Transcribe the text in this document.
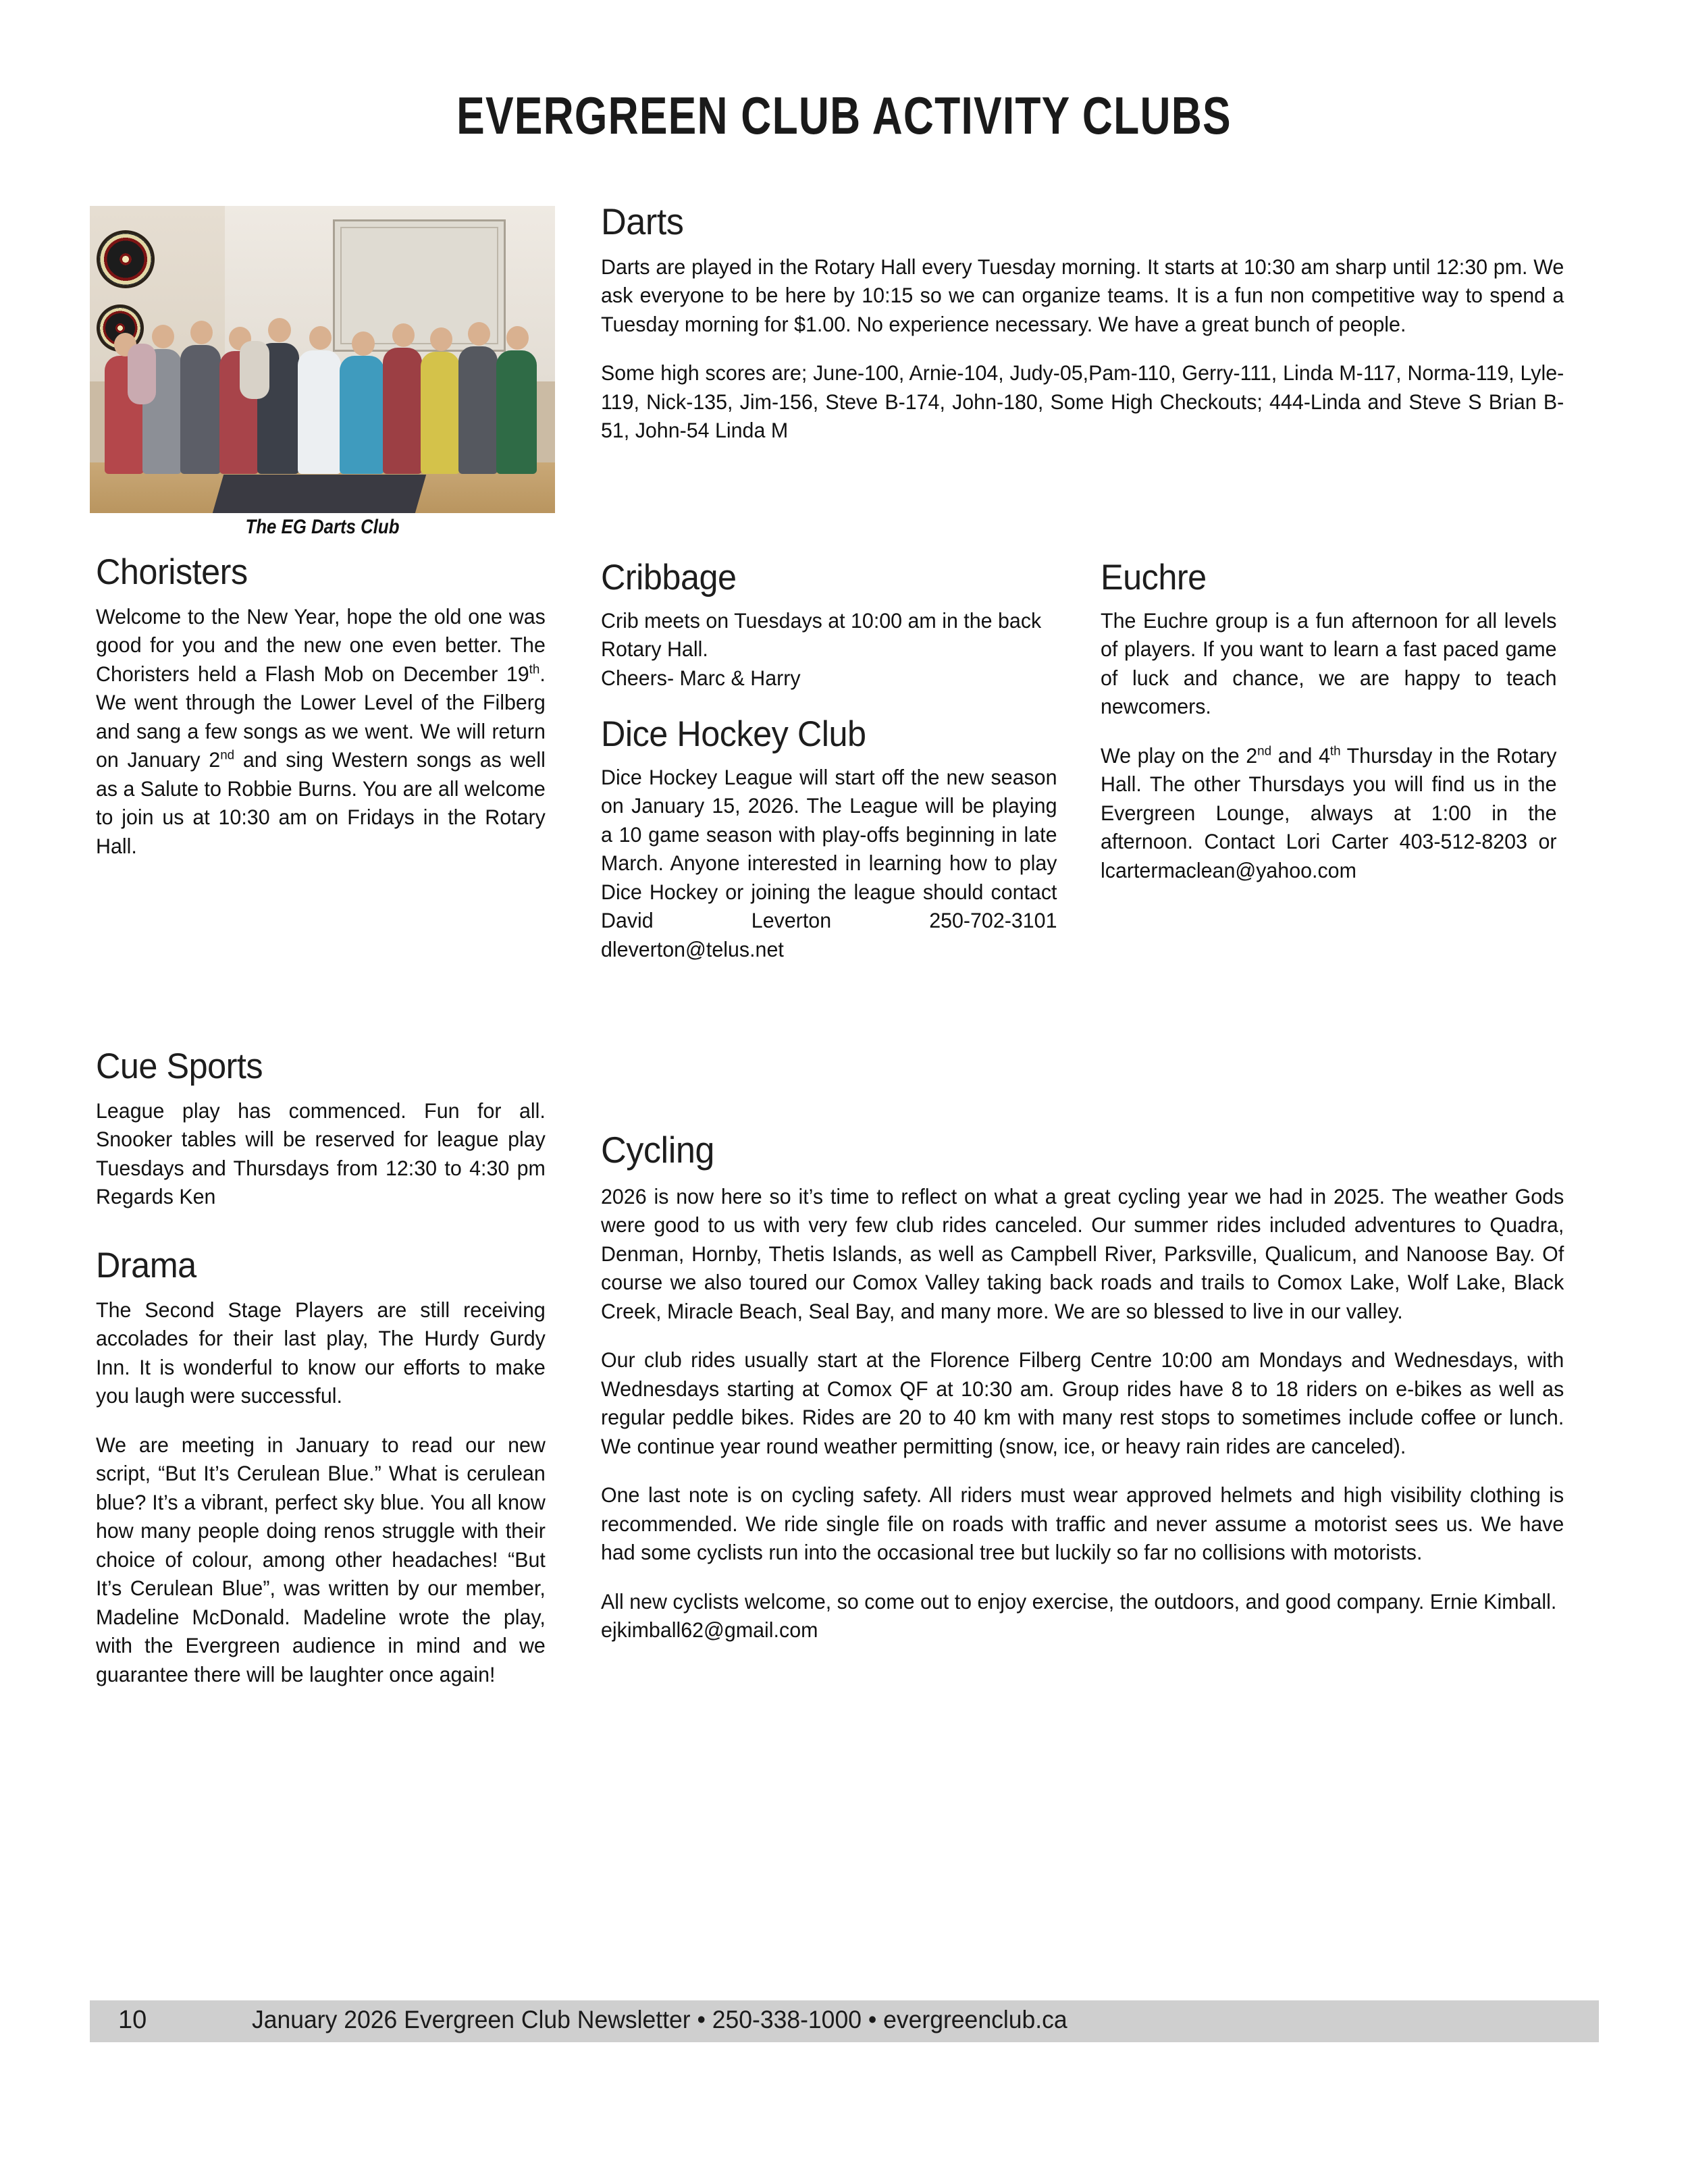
EVERGREEN CLUB ACTIVITY CLUBS
The EG Darts Club
Darts

Darts are played in the Rotary Hall every Tuesday morning. It starts at 10:30 am sharp until 12:30 pm. We ask everyone to be here by 10:15 so we can organize teams. It is a fun non competitive way to spend a Tuesday morning for $1.00. No experience necessary. We have a great bunch of people.

Some high scores are; June-100, Arnie-104, Judy-05,Pam-110, Gerry-111, Linda M-117, Norma-119, Lyle-119, Nick-135, Jim-156, Steve B-174, John-180, Some High Checkouts; 444-Linda and Steve S Brian B-51, John-54 Linda M

Choristers

Welcome to the New Year, hope the old one was good for you and the new one even better. The Choristers held a Flash Mob on December 19th. We went through the Lower Level of the Filberg and sang a few songs as we went. We will return on January 2nd and sing Western songs as well as a Salute to Robbie Burns. You are all welcome to join us at 10:30 am on Fridays in the Rotary Hall.

Cue Sports

League play has commenced. Fun for all. Snooker tables will be reserved for league play Tuesdays and Thursdays from 12:30 to 4:30 pm Regards Ken

Drama

The Second Stage Players are still receiving accolades for their last play, The Hurdy Gurdy Inn. It is wonderful to know our efforts to make you laugh were successful.

We are meeting in January to read our new script, “But It’s Cerulean Blue.” What is cerulean blue? It’s a vibrant, perfect sky blue. You all know how many people doing renos struggle with their choice of colour, among other headaches! “But It’s Cerulean Blue”, was written by our member, Madeline McDonald. Madeline wrote the play, with the Evergreen audience in mind and we guarantee there will be laughter once again!

Cribbage

Crib meets on Tuesdays at 10:00 am in the back Rotary Hall.

Cheers- Marc & Harry

Dice Hockey Club

Dice Hockey League will start off the new season on January 15, 2026. The League will be playing a 10 game season with play-offs beginning in late March. Anyone interested in learning how to play Dice Hockey or joining the league should contact David Leverton 250-702-3101 dleverton@telus.net

Euchre

The Euchre group is a fun afternoon for all levels of players. If you want to learn a fast paced game of luck and chance, we are happy to teach newcomers.

We play on the 2nd and 4th Thursday in the Rotary Hall. The other Thursdays you will find us in the Evergreen Lounge, always at 1:00 in the afternoon. Contact Lori Carter 403-512-8203 or lcartermaclean@yahoo.com

Cycling

2026 is now here so it’s time to reflect on what a great cycling year we had in 2025. The weather Gods were good to us with very few club rides canceled. Our summer rides included adventures to Quadra, Denman, Hornby, Thetis Islands, as well as Campbell River, Parksville, Qualicum, and Nanoose Bay. Of course we also toured our Comox Valley taking back roads and trails to Comox Lake, Wolf Lake, Black Creek, Miracle Beach, Seal Bay, and many more. We are so blessed to live in our valley.

Our club rides usually start at the Florence Filberg Centre 10:00 am Mondays and Wednesdays, with Wednesdays starting at Comox QF at 10:30 am. Group rides have 8 to 18 riders on e-bikes as well as regular peddle bikes. Rides are 20 to 40 km with many rest stops to sometimes include coffee or lunch. We continue year round weather permitting (snow, ice, or heavy rain rides are canceled).

One last note is on cycling safety. All riders must wear approved helmets and high visibility clothing is recommended. We ride single file on roads with traffic and never assume a motorist sees us. We have had some cyclists run into the occasional tree but luckily so far no collisions with motorists.

All new cyclists welcome, so come out to enjoy exercise, the outdoors, and good company. Ernie Kimball. ejkimball62@gmail.com

10	January 2026 Evergreen Club Newsletter • 250-338-1000 • evergreenclub.ca
